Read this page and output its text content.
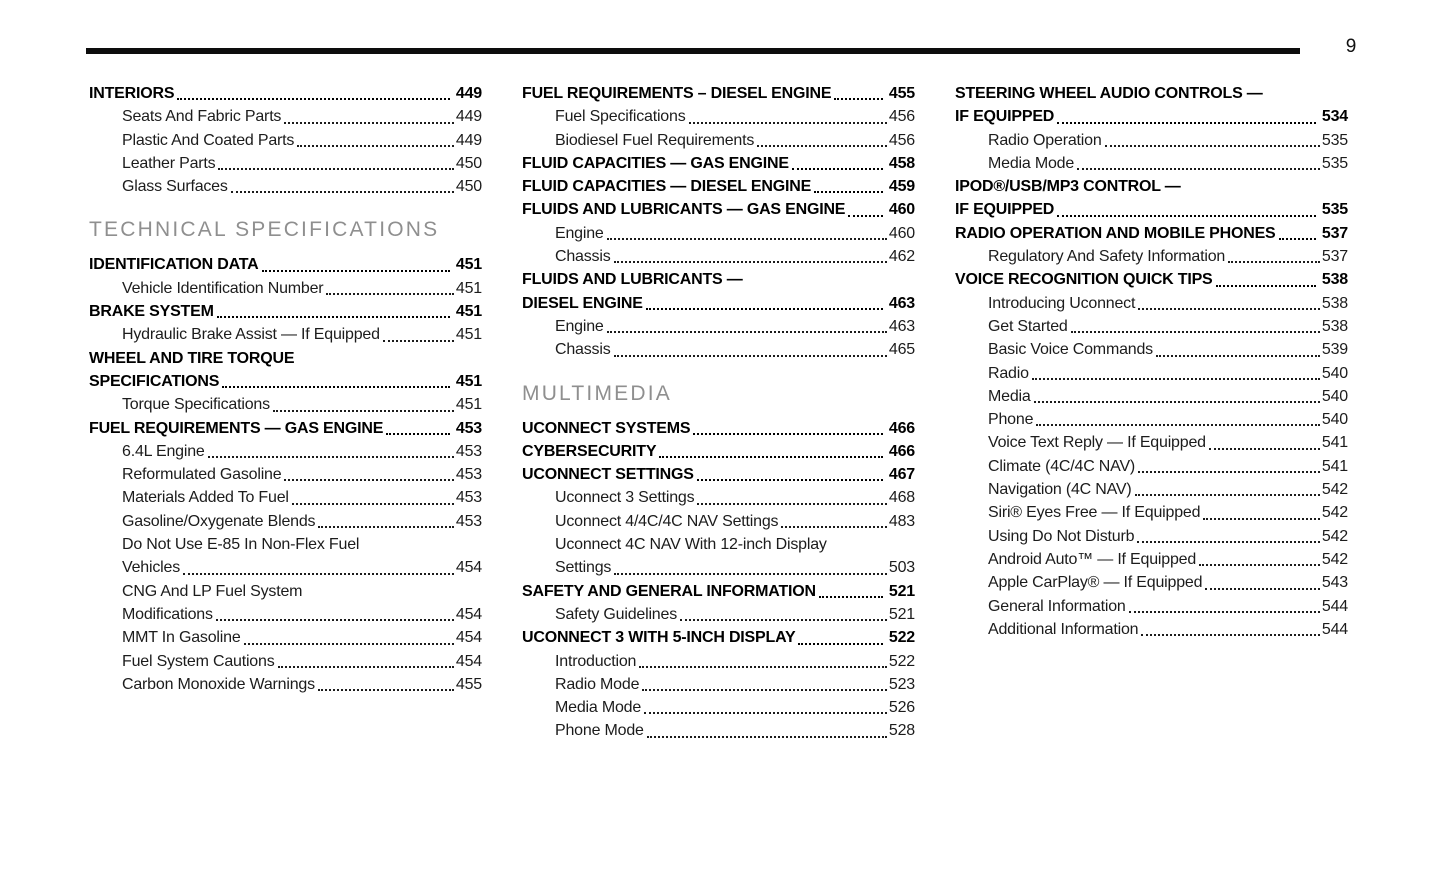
9
INTERIORS	449
Seats And Fabric Parts	449
Plastic And Coated Parts	449
Leather Parts	450
Glass Surfaces	450
TECHNICAL SPECIFICATIONS
IDENTIFICATION DATA	451
Vehicle Identification Number	451
BRAKE SYSTEM	451
Hydraulic Brake Assist — If Equipped	451
WHEEL AND TIRE TORQUE
SPECIFICATIONS	451
Torque Specifications	451
FUEL REQUIREMENTS — GAS ENGINE	453
6.4L Engine	453
Reformulated Gasoline	453
Materials Added To Fuel	453
Gasoline/Oxygenate Blends	453
Do Not Use E-85 In Non-Flex Fuel
Vehicles	454
CNG And LP Fuel System
Modifications	454
MMT In Gasoline	454
Fuel System Cautions	454
Carbon Monoxide Warnings	455
FUEL REQUIREMENTS – DIESEL ENGINE	455
Fuel Specifications	456
Biodiesel Fuel Requirements	456
FLUID CAPACITIES — GAS ENGINE	458
FLUID CAPACITIES — DIESEL ENGINE	459
FLUIDS AND LUBRICANTS — GAS ENGINE	460
Engine	460
Chassis	462
FLUIDS AND LUBRICANTS —
DIESEL ENGINE	463
Engine	463
Chassis	465
MULTIMEDIA
UCONNECT SYSTEMS	466
CYBERSECURITY	466
UCONNECT SETTINGS	467
Uconnect 3 Settings	468
Uconnect 4/4C/4C NAV Settings	483
Uconnect 4C NAV With 12-inch Display
Settings	503
SAFETY AND GENERAL INFORMATION	521
Safety Guidelines	521
UCONNECT 3 WITH 5-INCH DISPLAY	522
Introduction	522
Radio Mode	523
Media Mode	526
Phone Mode	528
STEERING WHEEL AUDIO CONTROLS —
IF EQUIPPED	534
Radio Operation	535
Media Mode	535
IPOD®/USB/MP3 CONTROL —
IF EQUIPPED	535
RADIO OPERATION AND MOBILE PHONES	537
Regulatory And Safety Information	537
VOICE RECOGNITION QUICK TIPS	538
Introducing Uconnect	538
Get Started	538
Basic Voice Commands	539
Radio	540
Media	540
Phone	540
Voice Text Reply — If Equipped	541
Climate (4C/4C NAV)	541
Navigation (4C NAV)	542
Siri® Eyes Free — If Equipped	542
Using Do Not Disturb	542
Android Auto™ — If Equipped	542
Apple CarPlay® — If Equipped	543
General Information	544
Additional Information	544
